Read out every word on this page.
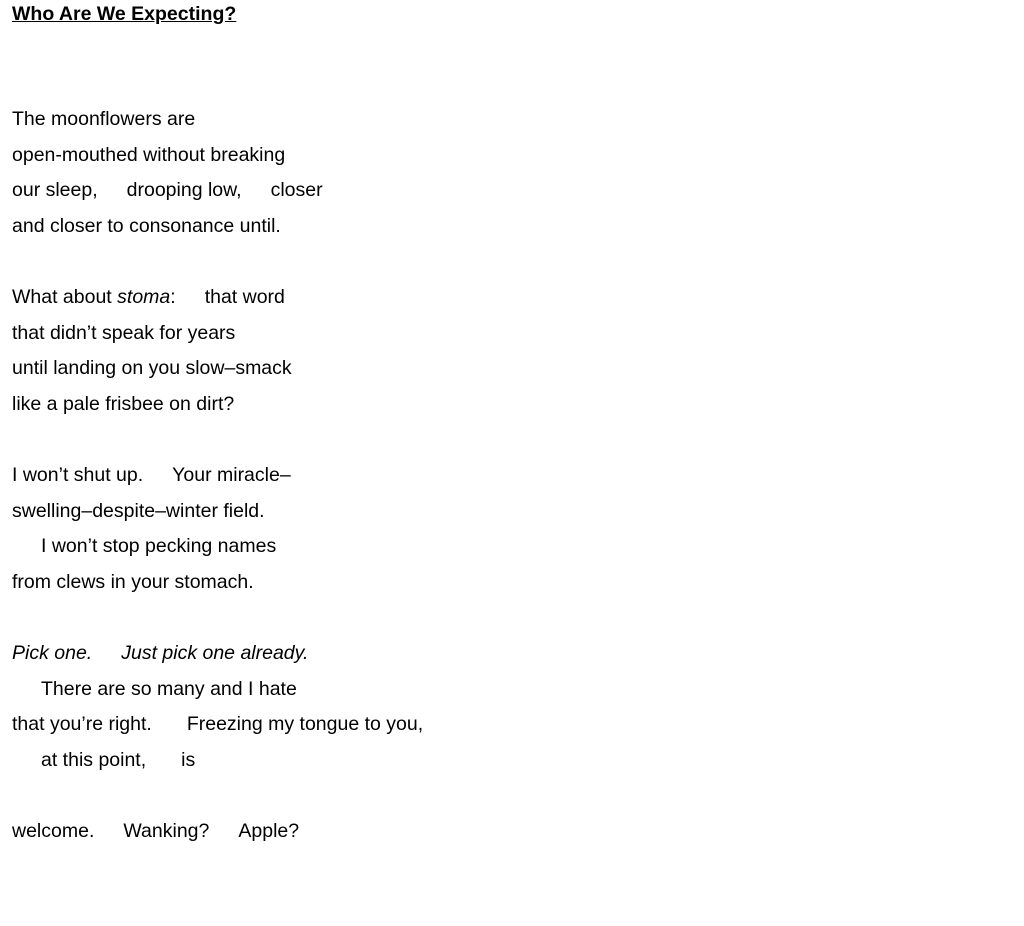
Who Are We Expecting?
The moonflowers are
open-mouthed without breaking
our sleep, drooping low, closer
and closer to consonance until.
What about stoma: that word
that didn’t speak for years
until landing on you slow–smack
like a pale frisbee on dirt?
I won’t shut up. Your miracle–
swelling–despite–winter field.
I won’t stop pecking names
from clews in your stomach.
Pick one. Just pick one already.
There are so many and I hate
that you’re right. Freezing my tongue to you,
at this point, is
welcome. Wanking? Apple?
